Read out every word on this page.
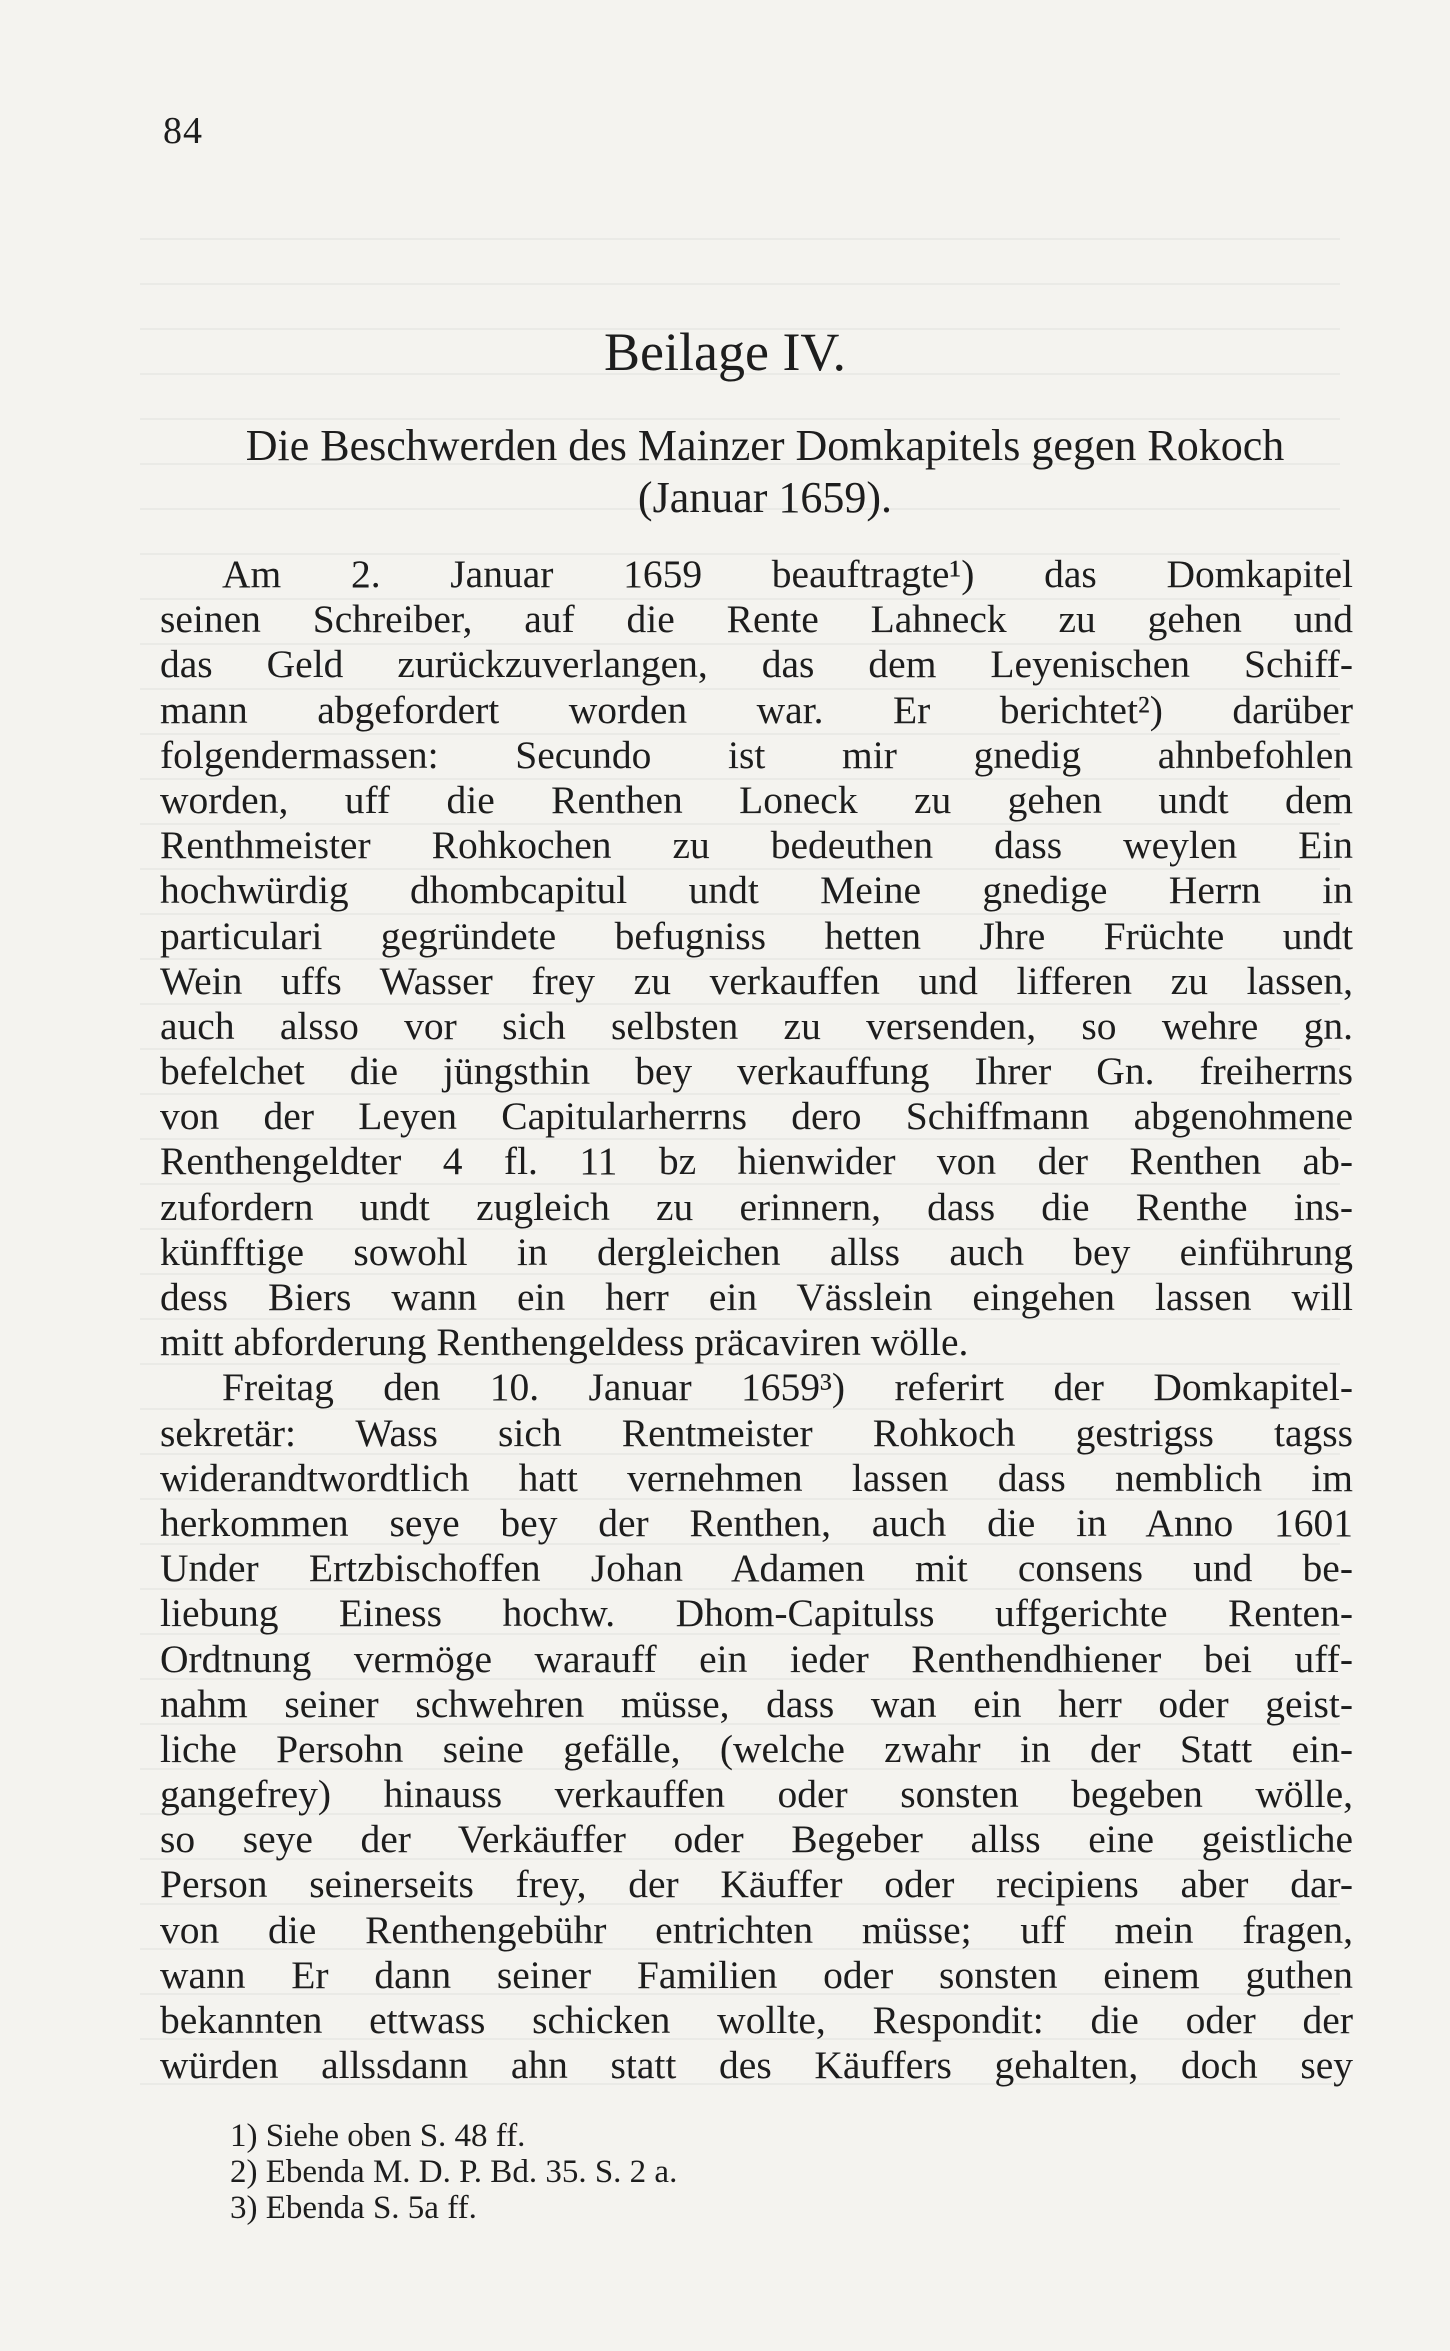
84
Beilage IV.
Die Beschwerden des Mainzer Domkapitels gegen Rokoch
(Januar 1659).
Am 2. Januar 1659 beauftragte¹) das Domkapitel
seinen Schreiber, auf die Rente Lahneck zu gehen und
das Geld zurückzuverlangen, das dem Leyenischen Schiff-
mann abgefordert worden war. Er berichtet²) darüber
folgendermassen: Secundo ist mir gnedig ahnbefohlen
worden, uff die Renthen Loneck zu gehen undt dem
Renthmeister Rohkochen zu bedeuthen dass weylen Ein
hochwürdig dhombcapitul undt Meine gnedige Herrn in
particulari gegründete befugniss hetten Jhre Früchte undt
Wein uffs Wasser frey zu verkauffen und lifferen zu lassen,
auch alsso vor sich selbsten zu versenden, so wehre gn.
befelchet die jüngsthin bey verkauffung Ihrer Gn. freiherrns
von der Leyen Capitularherrns dero Schiffmann abgenohmene
Renthengeldter 4 fl. 11 bz hienwider von der Renthen ab-
zufordern undt zugleich zu erinnern, dass die Renthe ins-
künfftige sowohl in dergleichen allss auch bey einführung
dess Biers wann ein herr ein Vässlein eingehen lassen will
mitt abforderung Renthengeldess präcaviren wölle.
Freitag den 10. Januar 1659³) referirt der Domkapitel-
sekretär: Wass sich Rentmeister Rohkoch gestrigss tagss
widerandtwordtlich hatt vernehmen lassen dass nemblich im
herkommen seye bey der Renthen, auch die in Anno 1601
Under Ertzbischoffen Johan Adamen mit consens und be-
liebung Einess hochw. Dhom-Capitulss uffgerichte Renten-
Ordtnung vermöge warauff ein ieder Renthendhiener bei uff-
nahm seiner schwehren müsse, dass wan ein herr oder geist-
liche Persohn seine gefälle, (welche zwahr in der Statt ein-
gangefrey) hinauss verkauffen oder sonsten begeben wölle,
so seye der Verkäuffer oder Begeber allss eine geistliche
Person seinerseits frey, der Käuffer oder recipiens aber dar-
von die Renthengebühr entrichten müsse; uff mein fragen,
wann Er dann seiner Familien oder sonsten einem guthen
bekannten ettwass schicken wollte, Respondit: die oder der
würden allssdann ahn statt des Käuffers gehalten, doch sey
1) Siehe oben S. 48 ff.
2) Ebenda M. D. P. Bd. 35. S. 2 a.
3) Ebenda S. 5a ff.
